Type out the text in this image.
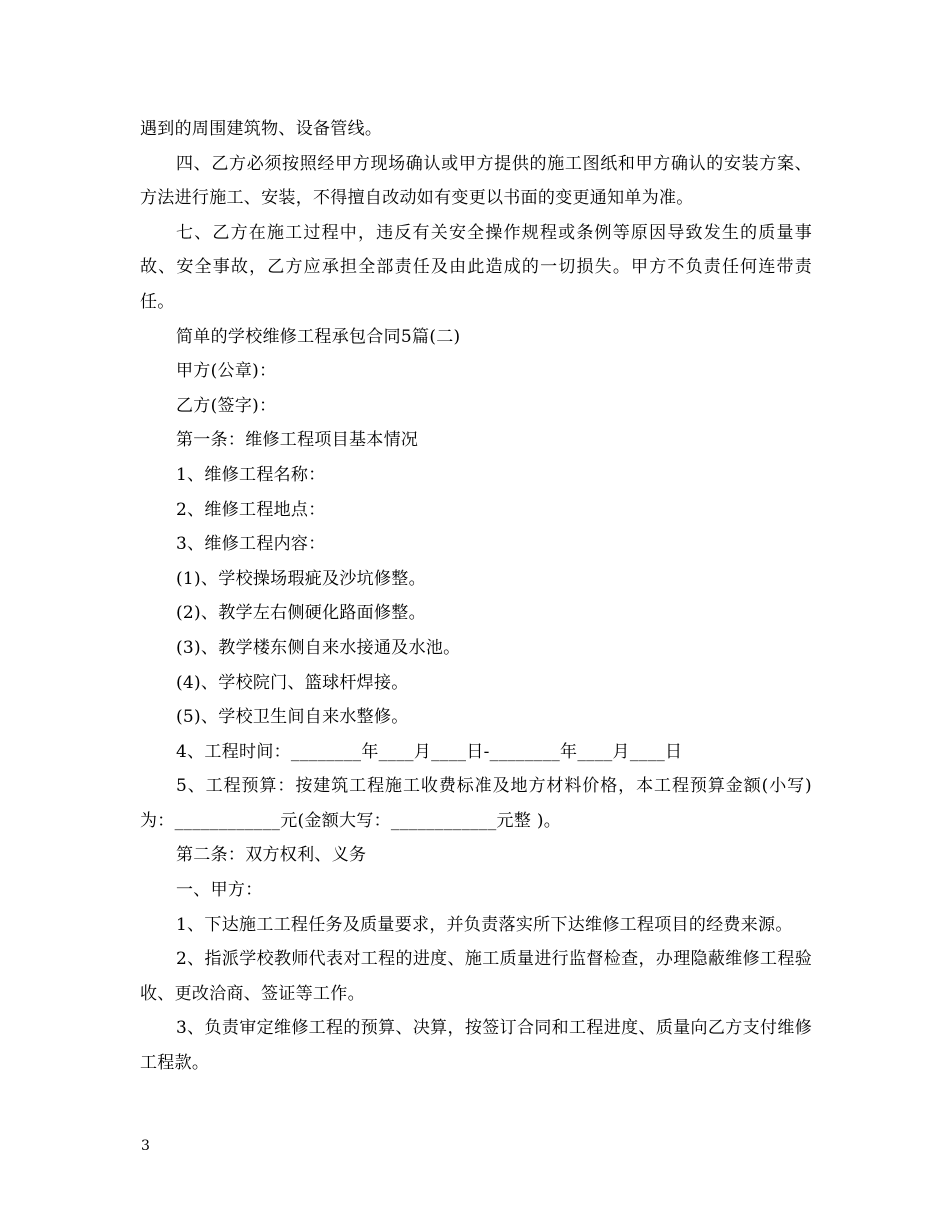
遇到的周围建筑物、设备管线。

四、乙方必须按照经甲方现场确认或甲方提供的施工图纸和甲方确认的安装方案、方法进行施工、安装，不得擅自改动如有变更以书面的变更通知单为准。

七、乙方在施工过程中，违反有关安全操作规程或条例等原因导致发生的质量事故、安全事故，乙方应承担全部责任及由此造成的一切损失。甲方不负责任何连带责任。

简单的学校维修工程承包合同5篇(二)

甲方(公章)：

乙方(签字)：

第一条：维修工程项目基本情况

1、维修工程名称：

2、维修工程地点：

3、维修工程内容：

(1)、学校操场瑕疵及沙坑修整。

(2)、教学左右侧硬化路面修整。

(3)、教学楼东侧自来水接通及水池。

(4)、学校院门、篮球杆焊接。

(5)、学校卫生间自来水整修。

4、工程时间：________年____月____日-________年____月____日

5、工程预算：按建筑工程施工收费标准及地方材料价格，本工程预算金额(小写)为：____________元(金额大写：____________元整 )。

第二条：双方权利、义务

一、甲方：

1、下达施工工程任务及质量要求，并负责落实所下达维修工程项目的经费来源。

2、指派学校教师代表对工程的进度、施工质量进行监督检查，办理隐蔽维修工程验收、更改洽商、签证等工作。

3、负责审定维修工程的预算、决算，按签订合同和工程进度、质量向乙方支付维修工程款。

3
